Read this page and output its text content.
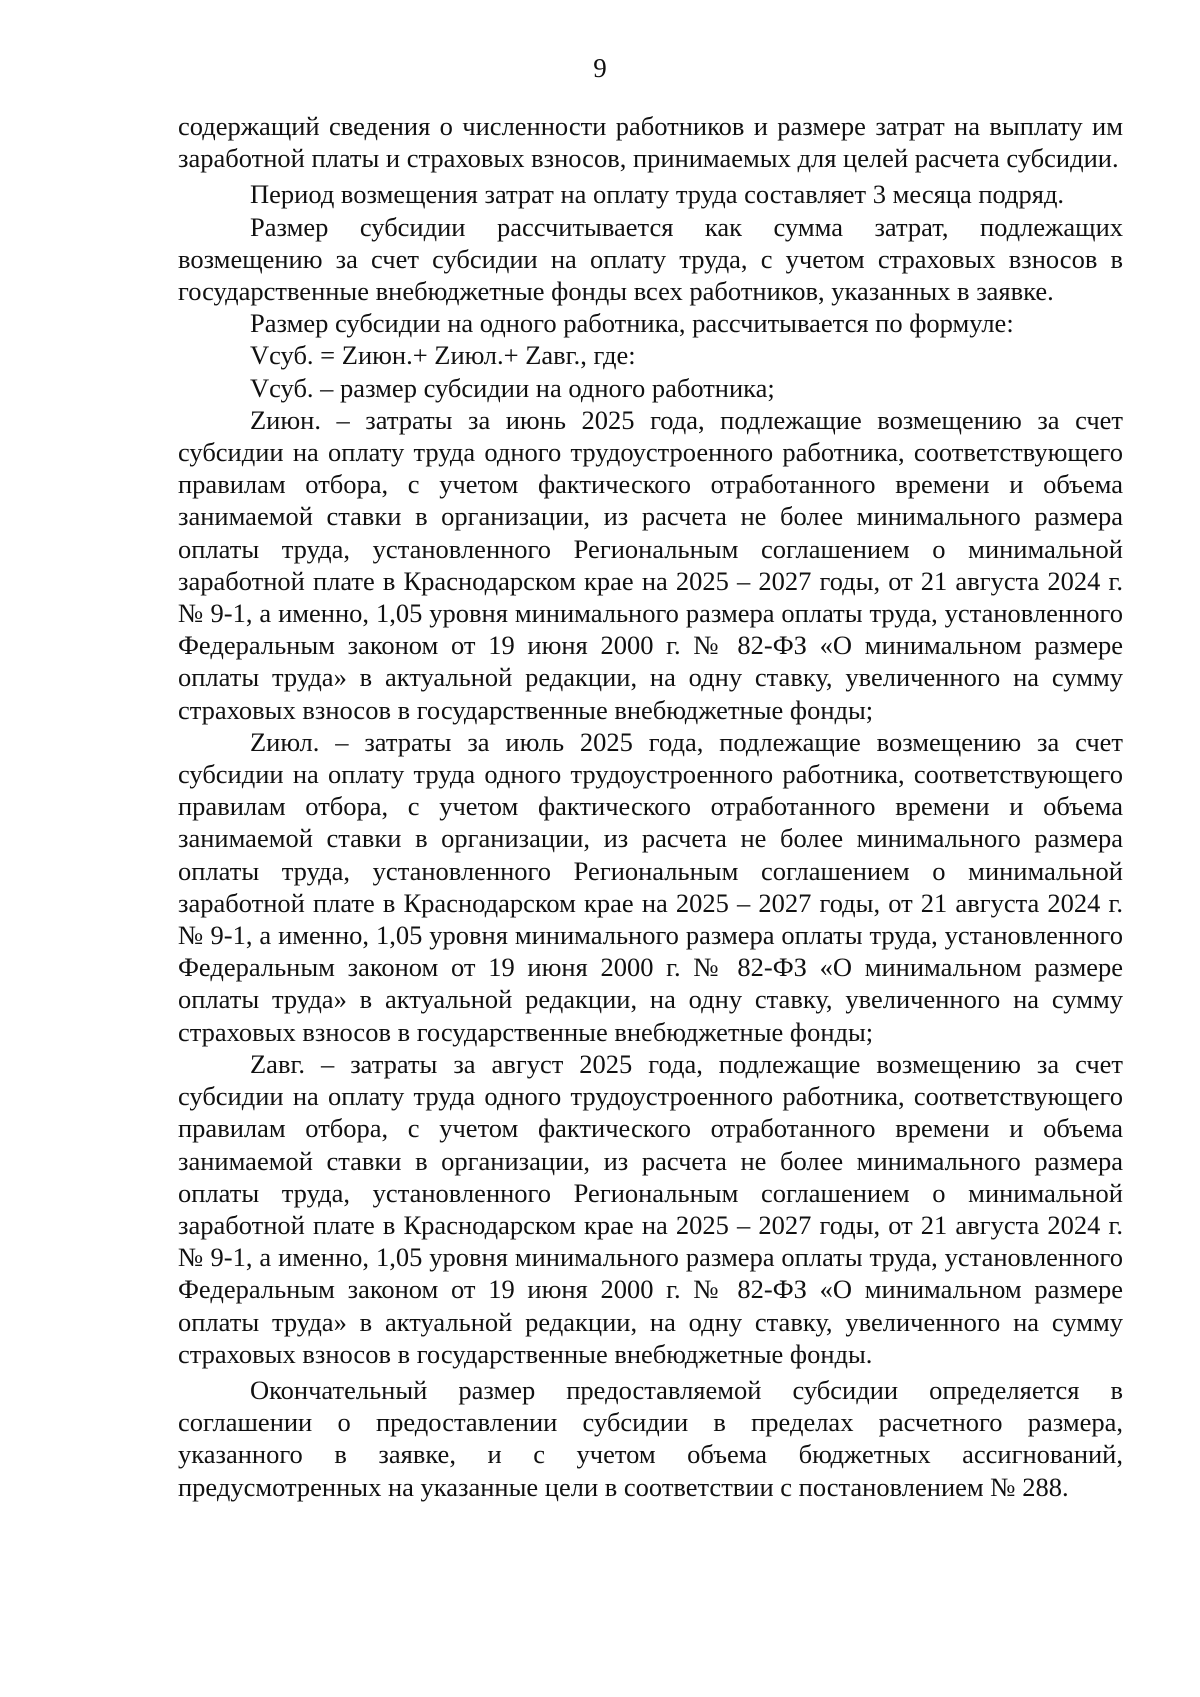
9

содержащий сведения о численности работников и размере затрат на выплату им заработной платы и страховых взносов, принимаемых для целей расчета субсидии.

Период возмещения затрат на оплату труда составляет 3 месяца подряд.

Размер субсидии рассчитывается как сумма затрат, подлежащих возмещению за счет субсидии на оплату труда, с учетом страховых взносов в государственные внебюджетные фонды всех работников, указанных в заявке.

Размер субсидии на одного работника, рассчитывается по формуле:

Vсуб. = Zиюн.+ Zиюл.+ Zавг., где:

Vсуб. – размер субсидии на одного работника;

Zиюн. – затраты за июнь 2025 года, подлежащие возмещению за счет субсидии на оплату труда одного трудоустроенного работника, соответствующего правилам отбора, с учетом фактического отработанного времени и объема занимаемой ставки в организации, из расчета не более минимального размера оплаты труда, установленного Региональным соглашением о минимальной заработной плате в Краснодарском крае на 2025 – 2027 годы, от 21 августа 2024 г. № 9-1, а именно, 1,05 уровня минимального размера оплаты труда, установленного Федеральным законом от 19 июня 2000 г. № 82-ФЗ «О минимальном размере оплаты труда» в актуальной редакции, на одну ставку, увеличенного на сумму страховых взносов в государственные внебюджетные фонды;

Zиюл. – затраты за июль 2025 года, подлежащие возмещению за счет субсидии на оплату труда одного трудоустроенного работника, соответствующего правилам отбора, с учетом фактического отработанного времени и объема занимаемой ставки в организации, из расчета не более минимального размера оплаты труда, установленного Региональным соглашением о минимальной заработной плате в Краснодарском крае на 2025 – 2027 годы, от 21 августа 2024 г. № 9-1, а именно, 1,05 уровня минимального размера оплаты труда, установленного Федеральным законом от 19 июня 2000 г. № 82-ФЗ «О минимальном размере оплаты труда» в актуальной редакции, на одну ставку, увеличенного на сумму страховых взносов в государственные внебюджетные фонды;

Zавг. – затраты за август 2025 года, подлежащие возмещению за счет субсидии на оплату труда одного трудоустроенного работника, соответствующего правилам отбора, с учетом фактического отработанного времени и объема занимаемой ставки в организации, из расчета не более минимального размера оплаты труда, установленного Региональным соглашением о минимальной заработной плате в Краснодарском крае на 2025 – 2027 годы, от 21 августа 2024 г. № 9-1, а именно, 1,05 уровня минимального размера оплаты труда, установленного Федеральным законом от 19 июня 2000 г. № 82-ФЗ «О минимальном размере оплаты труда» в актуальной редакции, на одну ставку, увеличенного на сумму страховых взносов в государственные внебюджетные фонды.

Окончательный размер предоставляемой субсидии определяется в соглашении о предоставлении субсидии в пределах расчетного размера, указанного в заявке, и с учетом объема бюджетных ассигнований, предусмотренных на указанные цели в соответствии с постановлением № 288.
